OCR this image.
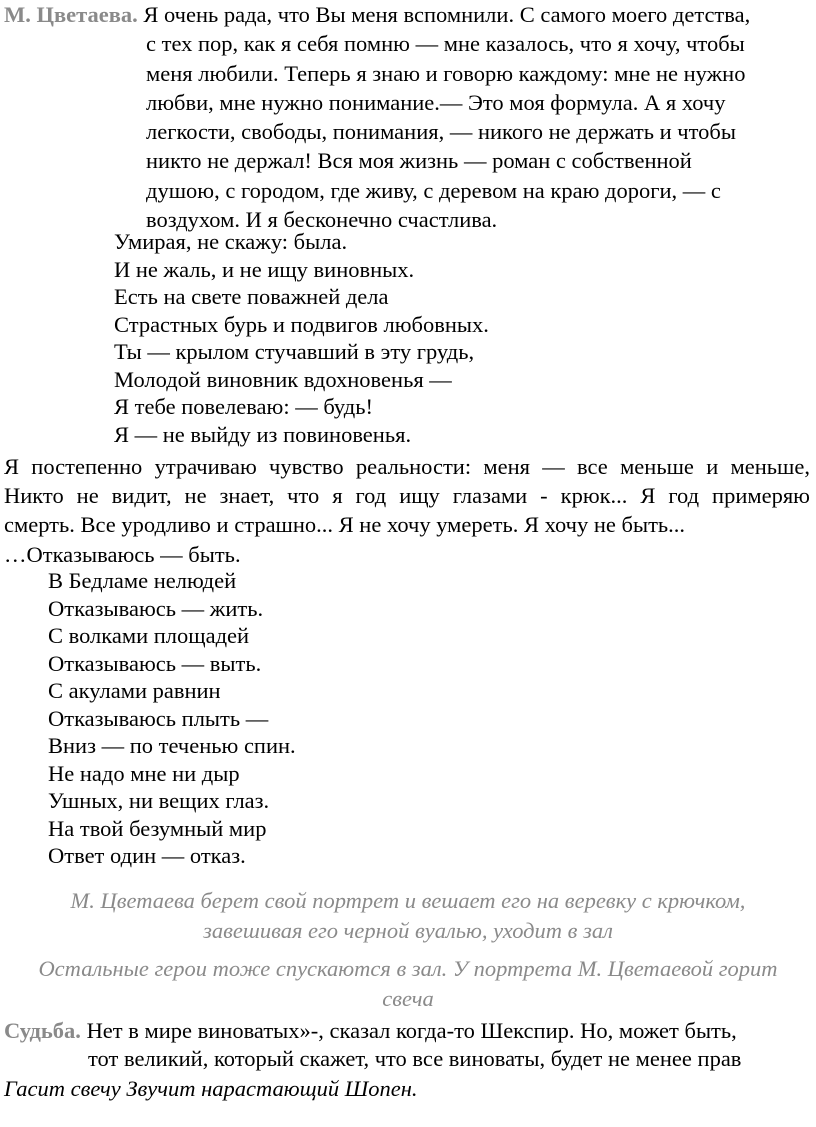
М. Цветаева. Я очень рада, что Вы меня вспомнили. С самого моего детства,
с тех пор, как я себя помню — мне казалось, что я хочу, чтобы
меня любили. Теперь я знаю и говорю каждому: мне не нужно
любви, мне нужно понимание.— Это моя формула. А я хочу
легкости, свободы, понимания, — никого не держать и чтобы
никто не держал! Вся моя жизнь — роман с собственной
душою, с городом, где живу, с деревом на краю дороги, — с
воздухом. И я бесконечно счастлива.
Умирая, не скажу: была.
И не жаль, и не ищу виновных.
Есть на свете поважней дела
Страстных бурь и подвигов любовных.
Ты — крылом стучавший в эту грудь,
Молодой виновник вдохновенья —
Я тебе повелеваю: — будь!
Я — не выйду из повиновенья.
Я постепенно утрачиваю чувство реальности: меня — все меньше и меньше,
Никто не видит, не знает, что я год ищу глазами - крюк... Я год примеряю
смерть. Все уродливо и страшно... Я не хочу умереть. Я хочу не быть...
…Отказываюсь — быть.
В Бедламе нелюдей
Отказываюсь — жить.
С волками площадей
Отказываюсь — выть.
С акулами равнин
Отказываюсь плыть —
Вниз — по теченью спин.
Не надо мне ни дыр
Ушных, ни вещих глаз.
На твой безумный мир
Ответ один — отказ.
М. Цветаева берет свой портрет и вешает его на веревку с крючком,
завешивая его черной вуалью, уходит в зал
Остальные герои тоже спускаются в зал. У портрета М. Цветаевой горит
свеча
Судьба. Нет в мире виноватых»-, сказал когда-то Шекспир. Но, может быть,
тот великий, который скажет, что все виноваты, будет не менее прав
Гасит свечу Звучит нарастающий Шопен.
